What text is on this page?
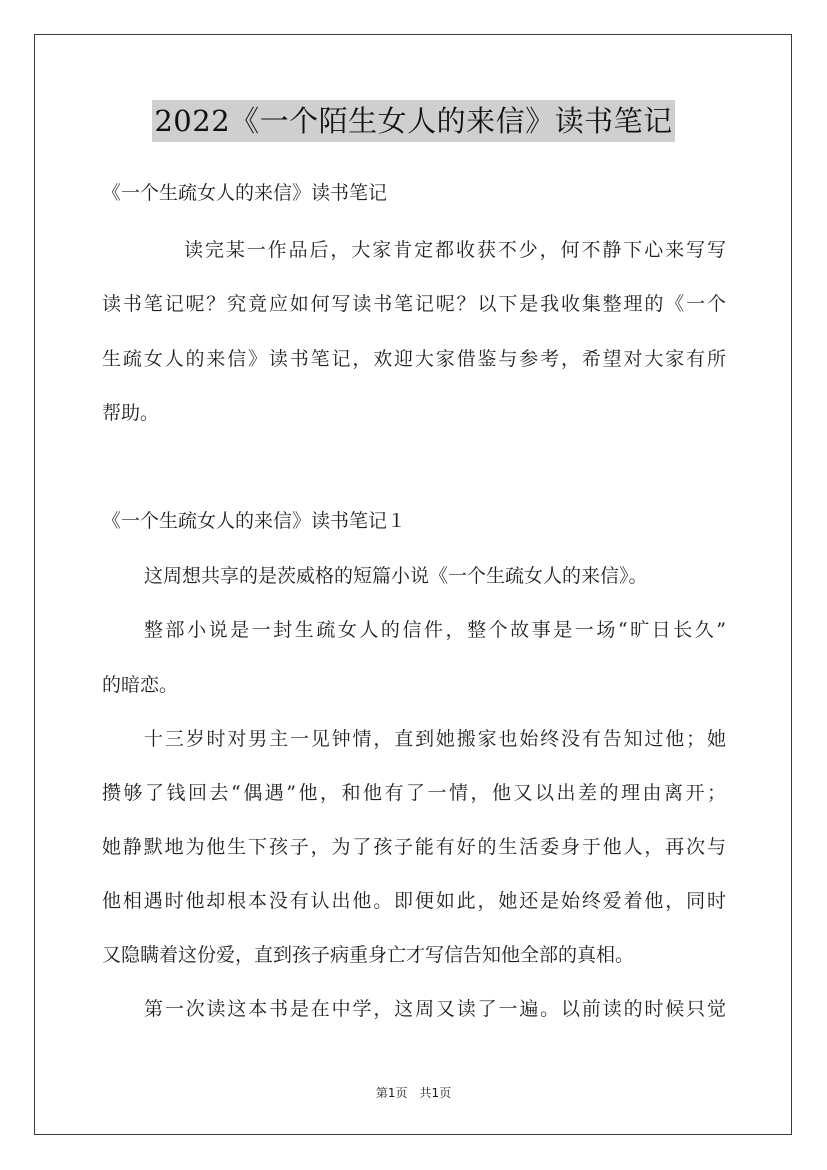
2022《一个陌生女人的来信》读书笔记
《一个生疏女人的来信》读书笔记
读完某一作品后，大家肯定都收获不少，何不静下心来写写
读书笔记呢？究竟应如何写读书笔记呢？以下是我收集整理的《一个
生疏女人的来信》读书笔记，欢迎大家借鉴与参考，希望对大家有所
帮助。
《一个生疏女人的来信》读书笔记１
这周想共享的是茨威格的短篇小说《一个生疏女人的来信》。
整部小说是一封生疏女人的信件，整个故事是一场“旷日长久”
的暗恋。
十三岁时对男主一见钟情，直到她搬家也始终没有告知过他；她
攒够了钱回去“偶遇”他，和他有了一情，他又以出差的理由离开；
她静默地为他生下孩子，为了孩子能有好的生活委身于他人，再次与
他相遇时他却根本没有认出他。即便如此，她还是始终爱着他，同时
又隐瞒着这份爱，直到孩子病重身亡才写信告知他全部的真相。
第一次读这本书是在中学，这周又读了一遍。以前读的时候只觉
第1页　共1页
